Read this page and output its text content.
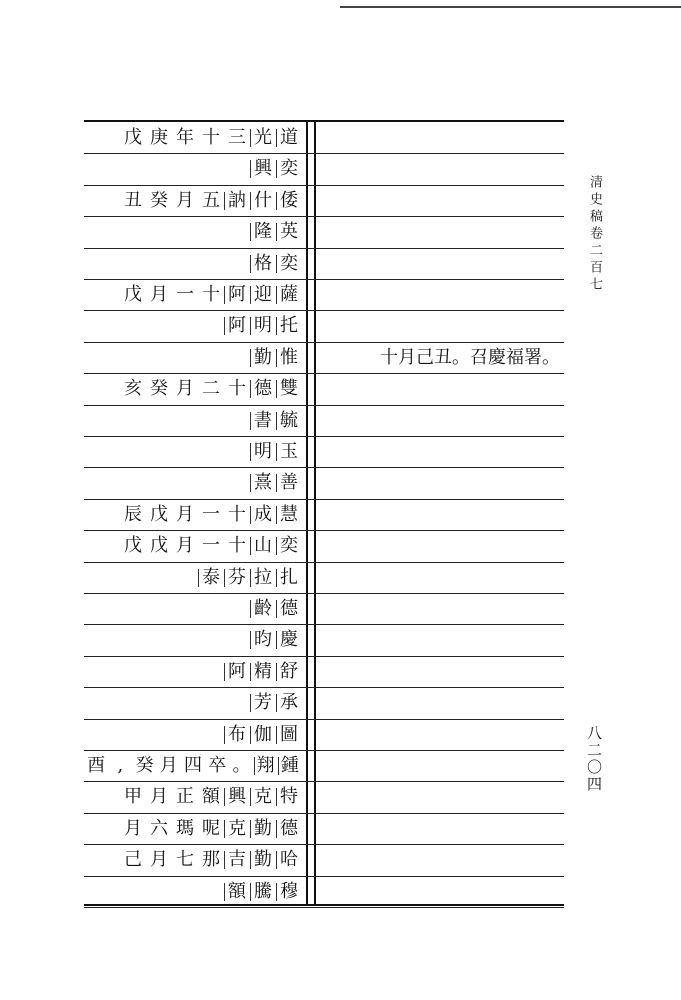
清史稿卷二百七
八二〇四
戊 庚 年 十 三 光 道
興 奕
丑 癸 月 五 訥 什 倭
隆 英
格 奕
戊 月 一 十 阿 迎 薩
阿 明 托
勤 惟	十月己丑。召慶福署。
亥 癸 月 二 十 德 雙
書 毓
明 玉
熹 善
辰 戊 月 一 十 成 慧
戊 戊 月 一 十 山 奕
泰 芬 拉 扎
齡 德
昀 慶
阿 精 舒
芳 承
布 伽 圖
酉 , 癸 月 四 卒 。 翔 鍾
甲 月 正 額 興 克 特
月 六 瑪 呢 克 勤 德
己 月 七 那 吉 勤 哈
額 騰 穆
